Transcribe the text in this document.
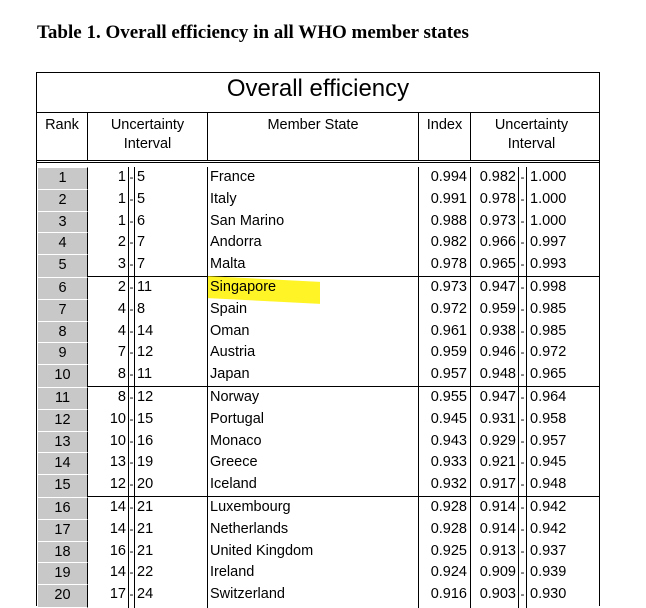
Table 1. Overall efficiency in all WHO member states
Overall efficiency
Rank	Uncertainty
Interval
Member State	Index	Uncertainty
Interval
1	1 - 5	France	0.994 0.982 - 1.000
2	1 - 5	Italy	0.991 0.978 - 1.000
3	1 - 6	San Marino	0.988 0.973 - 1.000
4	2 - 7	Andorra	0.982 0.966 - 0.997
5	3 - 7	Malta	0.978 0.965 - 0.993
6	2 - 11	Singapore	0.973 0.947 - 0.998
7	4 - 8	Spain	0.972 0.959 - 0.985
8	4 - 14	Oman	0.961 0.938 - 0.985
9	7 - 12	Austria	0.959 0.946 - 0.972
10	8 - 11	Japan	0.957 0.948 - 0.965
11	8 - 12	Norway	0.955 0.947 - 0.964
12	10 - 15	Portugal	0.945 0.931 - 0.958
13	10 - 16	Monaco	0.943 0.929 - 0.957
14	13 - 19	Greece	0.933 0.921 - 0.945
15	12 - 20	Iceland	0.932 0.917 - 0.948
16	14 - 21	Luxembourg	0.928 0.914 - 0.942
17	14 - 21	Netherlands	0.928 0.914 - 0.942
18	16 - 21	United Kingdom	0.925 0.913 - 0.937
19	14 - 22	Ireland	0.924 0.909 - 0.939
20	17 - 24	Switzerland	0.916 0.903 - 0.930
